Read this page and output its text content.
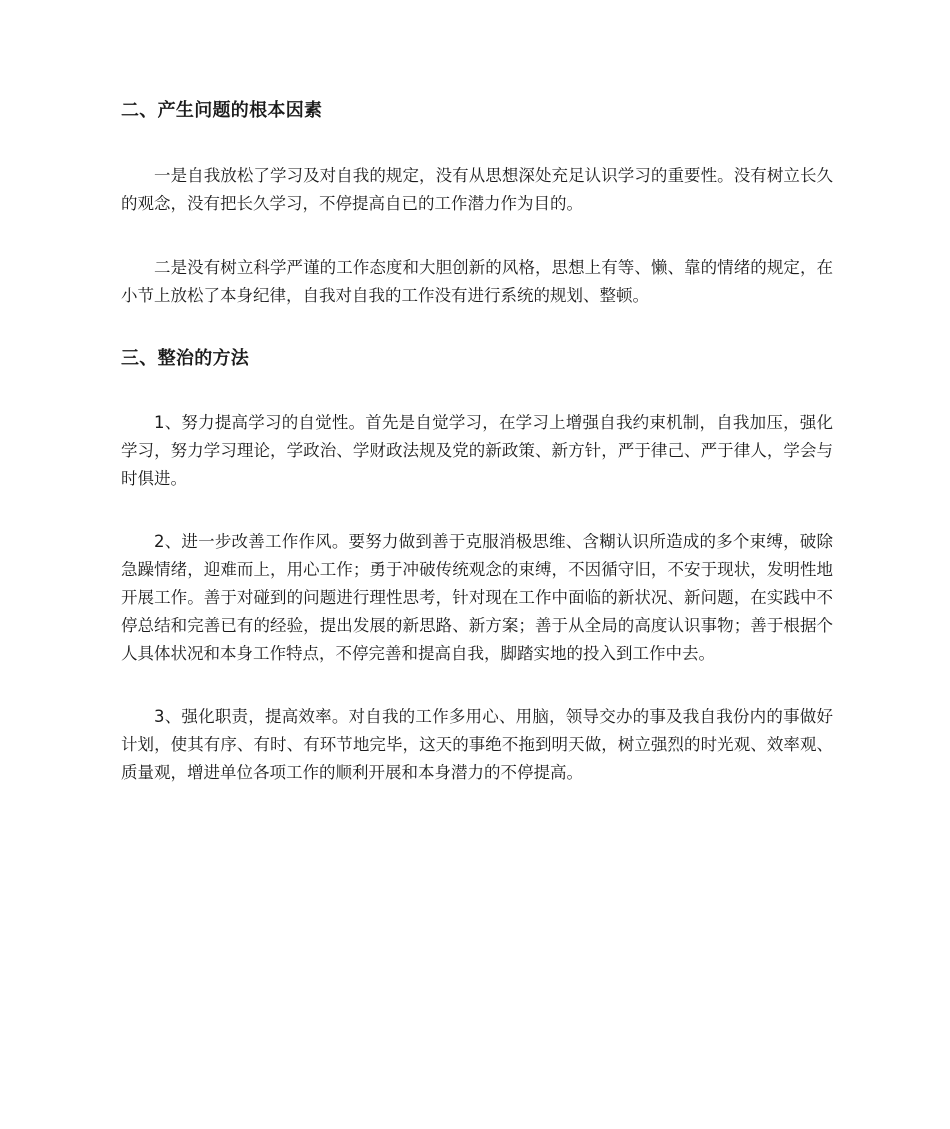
二、产生问题的根本因素

一是自我放松了学习及对自我的规定，没有从思想深处充足认识学习的重要性。没有树立长久的观念，没有把长久学习，不停提高自已的工作潜力作为目的。

二是没有树立科学严谨的工作态度和大胆创新的风格，思想上有等、懒、靠的情绪的规定，在小节上放松了本身纪律，自我对自我的工作没有进行系统的规划、整顿。

三、整治的方法

1、努力提高学习的自觉性。首先是自觉学习，在学习上增强自我约束机制，自我加压，强化学习，努力学习理论，学政治、学财政法规及党的新政策、新方针，严于律己、严于律人，学会与时俱进。

2、进一步改善工作作风。要努力做到善于克服消极思维、含糊认识所造成的多个束缚，破除急躁情绪，迎难而上，用心工作；勇于冲破传统观念的束缚，不因循守旧，不安于现状，发明性地开展工作。善于对碰到的问题进行理性思考，针对现在工作中面临的新状况、新问题，在实践中不停总结和完善已有的经验，提出发展的新思路、新方案；善于从全局的高度认识事物；善于根据个人具体状况和本身工作特点，不停完善和提高自我，脚踏实地的投入到工作中去。

3、强化职责，提高效率。对自我的工作多用心、用脑，领导交办的事及我自我份内的事做好计划，使其有序、有时、有环节地完毕，这天的事绝不拖到明天做，树立强烈的时光观、效率观、质量观，增进单位各项工作的顺利开展和本身潜力的不停提高。
